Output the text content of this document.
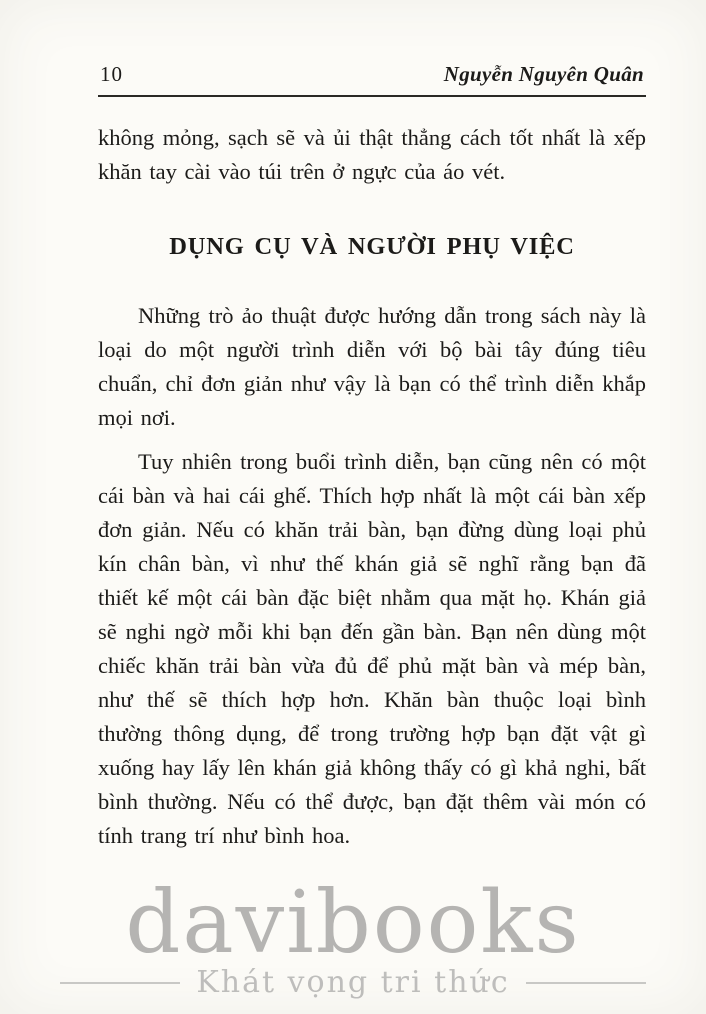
10	Nguyễn Nguyên Quân

không mỏng, sạch sẽ và ủi thật thẳng cách tốt nhất là xếp khăn tay cài vào túi trên ở ngực của áo vét.

DỤNG CỤ VÀ NGƯỜI PHỤ VIỆC

Những trò ảo thuật được hướng dẫn trong sách này là loại do một người trình diễn với bộ bài tây đúng tiêu chuẩn, chỉ đơn giản như vậy là bạn có thể trình diễn khắp mọi nơi.

Tuy nhiên trong buổi trình diễn, bạn cũng nên có một cái bàn và hai cái ghế. Thích hợp nhất là một cái bàn xếp đơn giản. Nếu có khăn trải bàn, bạn đừng dùng loại phủ kín chân bàn, vì như thế khán giả sẽ nghĩ rằng bạn đã thiết kế một cái bàn đặc biệt nhằm qua mặt họ. Khán giả sẽ nghi ngờ mỗi khi bạn đến gần bàn. Bạn nên dùng một chiếc khăn trải bàn vừa đủ để phủ mặt bàn và mép bàn, như thế sẽ thích hợp hơn. Khăn bàn thuộc loại bình thường thông dụng, để trong trường hợp bạn đặt vật gì xuống hay lấy lên khán giả không thấy có gì khả nghi, bất bình thường. Nếu có thể được, bạn đặt thêm vài món có tính trang trí như bình hoa.

davibooks
Khát vọng tri thức
